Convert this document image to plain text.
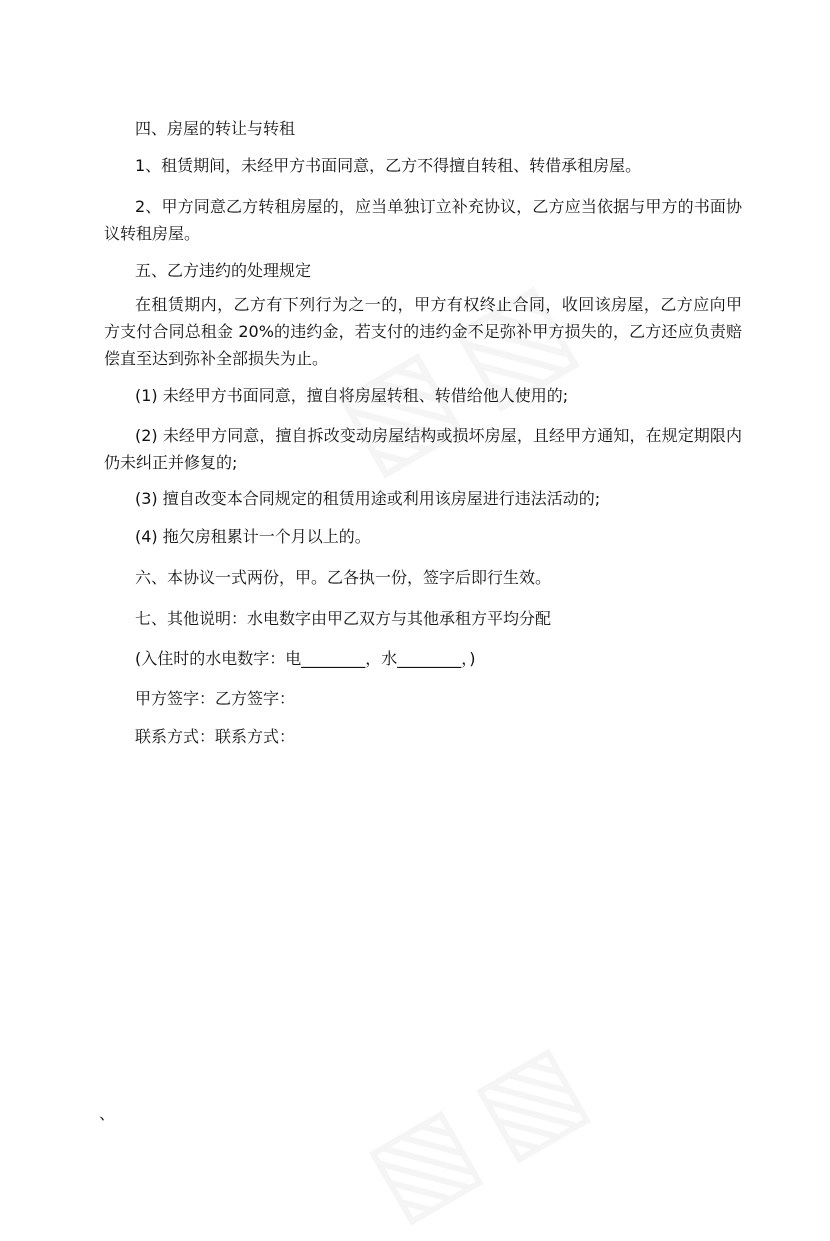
四、房屋的转让与转租

1、租赁期间，未经甲方书面同意，乙方不得擅自转租、转借承租房屋。

2、甲方同意乙方转租房屋的，应当单独订立补充协议，乙方应当依据与甲方的书面协议转租房屋。

五、乙方违约的处理规定

在租赁期内，乙方有下列行为之一的，甲方有权终止合同，收回该房屋，乙方应向甲方支付合同总租金 20%的违约金，若支付的违约金不足弥补甲方损失的，乙方还应负责赔偿直至达到弥补全部损失为止。

(1) 未经甲方书面同意，擅自将房屋转租、转借给他人使用的;

(2) 未经甲方同意，擅自拆改变动房屋结构或损坏房屋，且经甲方通知，在规定期限内仍未纠正并修复的;

(3) 擅自改变本合同规定的租赁用途或利用该房屋进行违法活动的;

(4) 拖欠房租累计一个月以上的。

六、本协议一式两份，甲。乙各执一份，签字后即行生效。

七、其他说明：水电数字由甲乙双方与其他承租方平均分配

(入住时的水电数字：电________，水________，)

甲方签字：乙方签字：

联系方式：联系方式：

、
